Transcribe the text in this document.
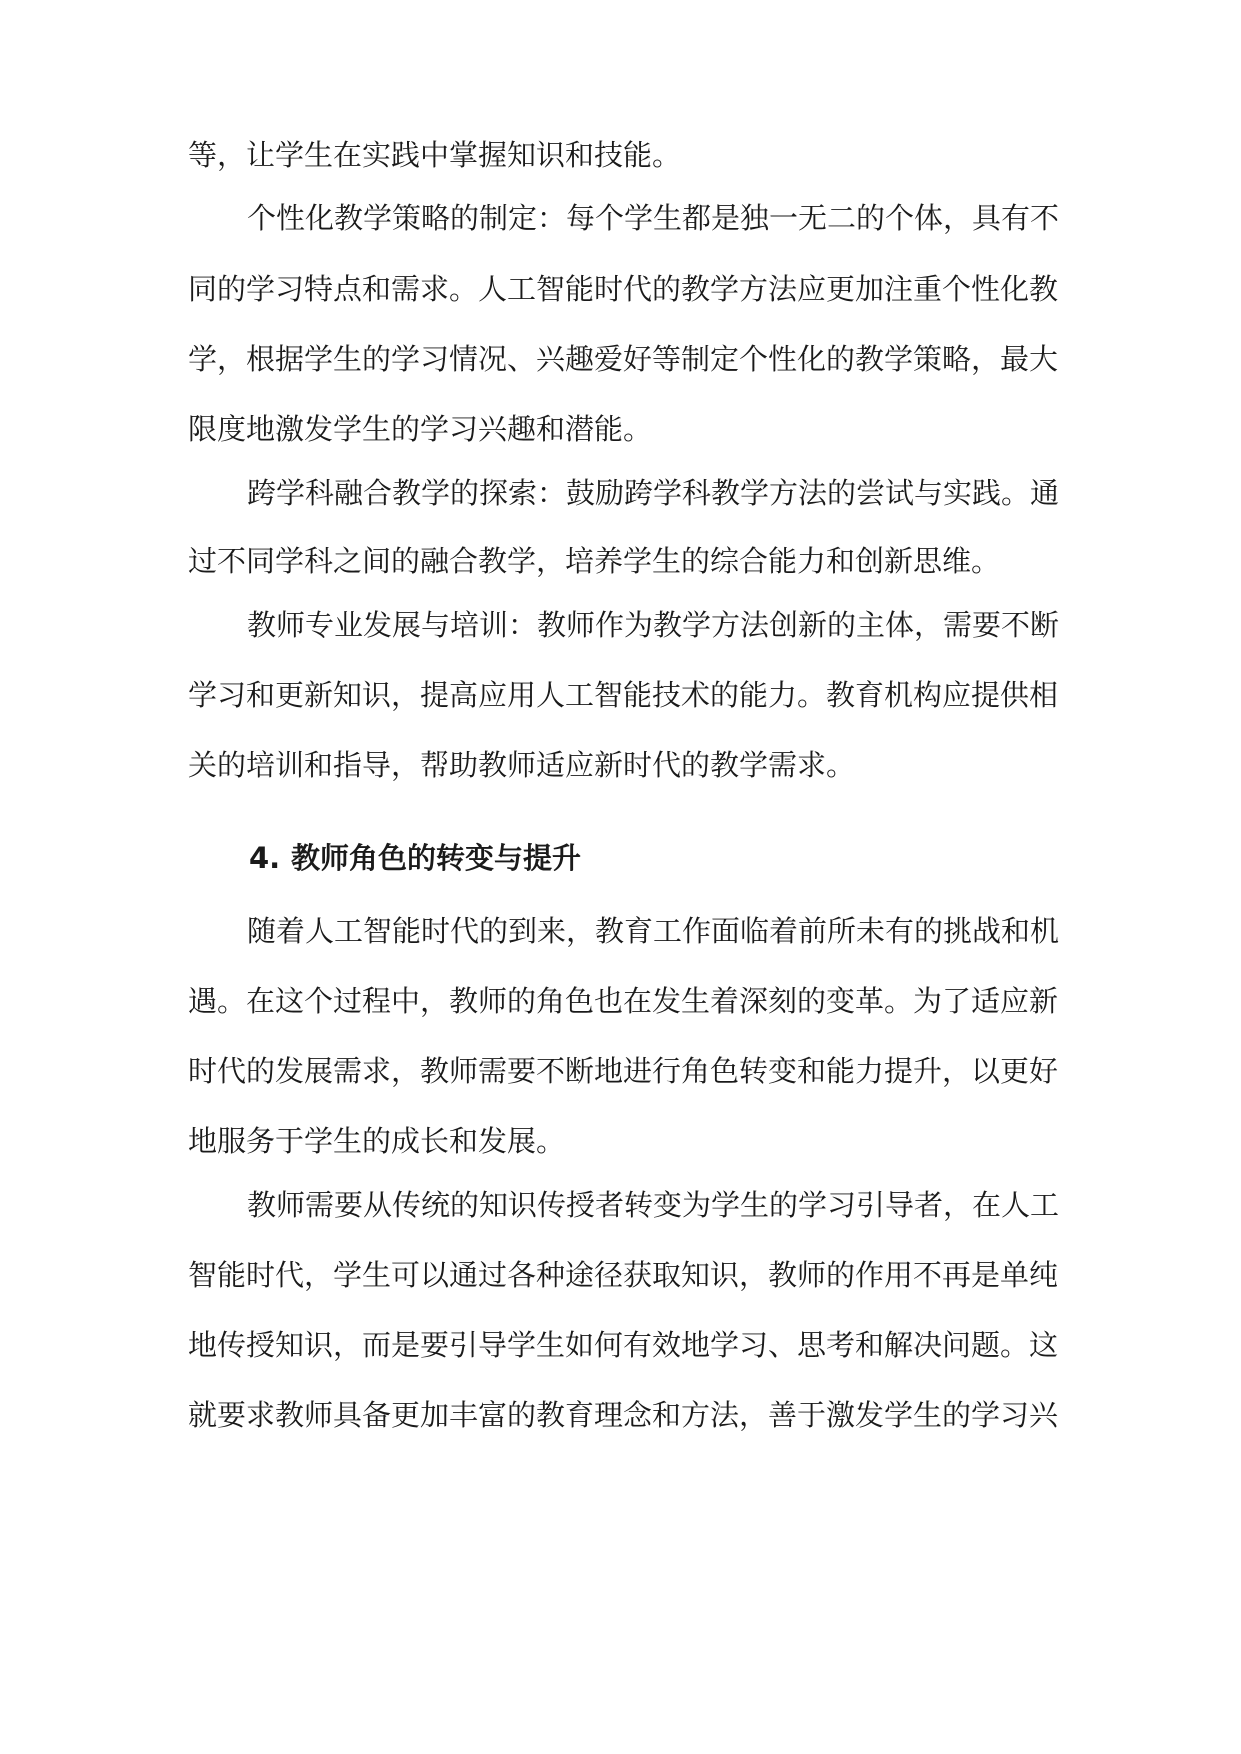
等，让学生在实践中掌握知识和技能。
个性化教学策略的制定：每个学生都是独一无二的个体，具有不
同的学习特点和需求。人工智能时代的教学方法应更加注重个性化教
学，根据学生的学习情况、兴趣爱好等制定个性化的教学策略，最大
限度地激发学生的学习兴趣和潜能。
跨学科融合教学的探索：鼓励跨学科教学方法的尝试与实践。通
过不同学科之间的融合教学，培养学生的综合能力和创新思维。
教师专业发展与培训：教师作为教学方法创新的主体，需要不断
学习和更新知识，提高应用人工智能技术的能力。教育机构应提供相
关的培训和指导，帮助教师适应新时代的教学需求。
4. 教师角色的转变与提升
随着人工智能时代的到来，教育工作面临着前所未有的挑战和机
遇。在这个过程中，教师的角色也在发生着深刻的变革。为了适应新
时代的发展需求，教师需要不断地进行角色转变和能力提升，以更好
地服务于学生的成长和发展。
教师需要从传统的知识传授者转变为学生的学习引导者，在人工
智能时代，学生可以通过各种途径获取知识，教师的作用不再是单纯
地传授知识，而是要引导学生如何有效地学习、思考和解决问题。这
就要求教师具备更加丰富的教育理念和方法，善于激发学生的学习兴
